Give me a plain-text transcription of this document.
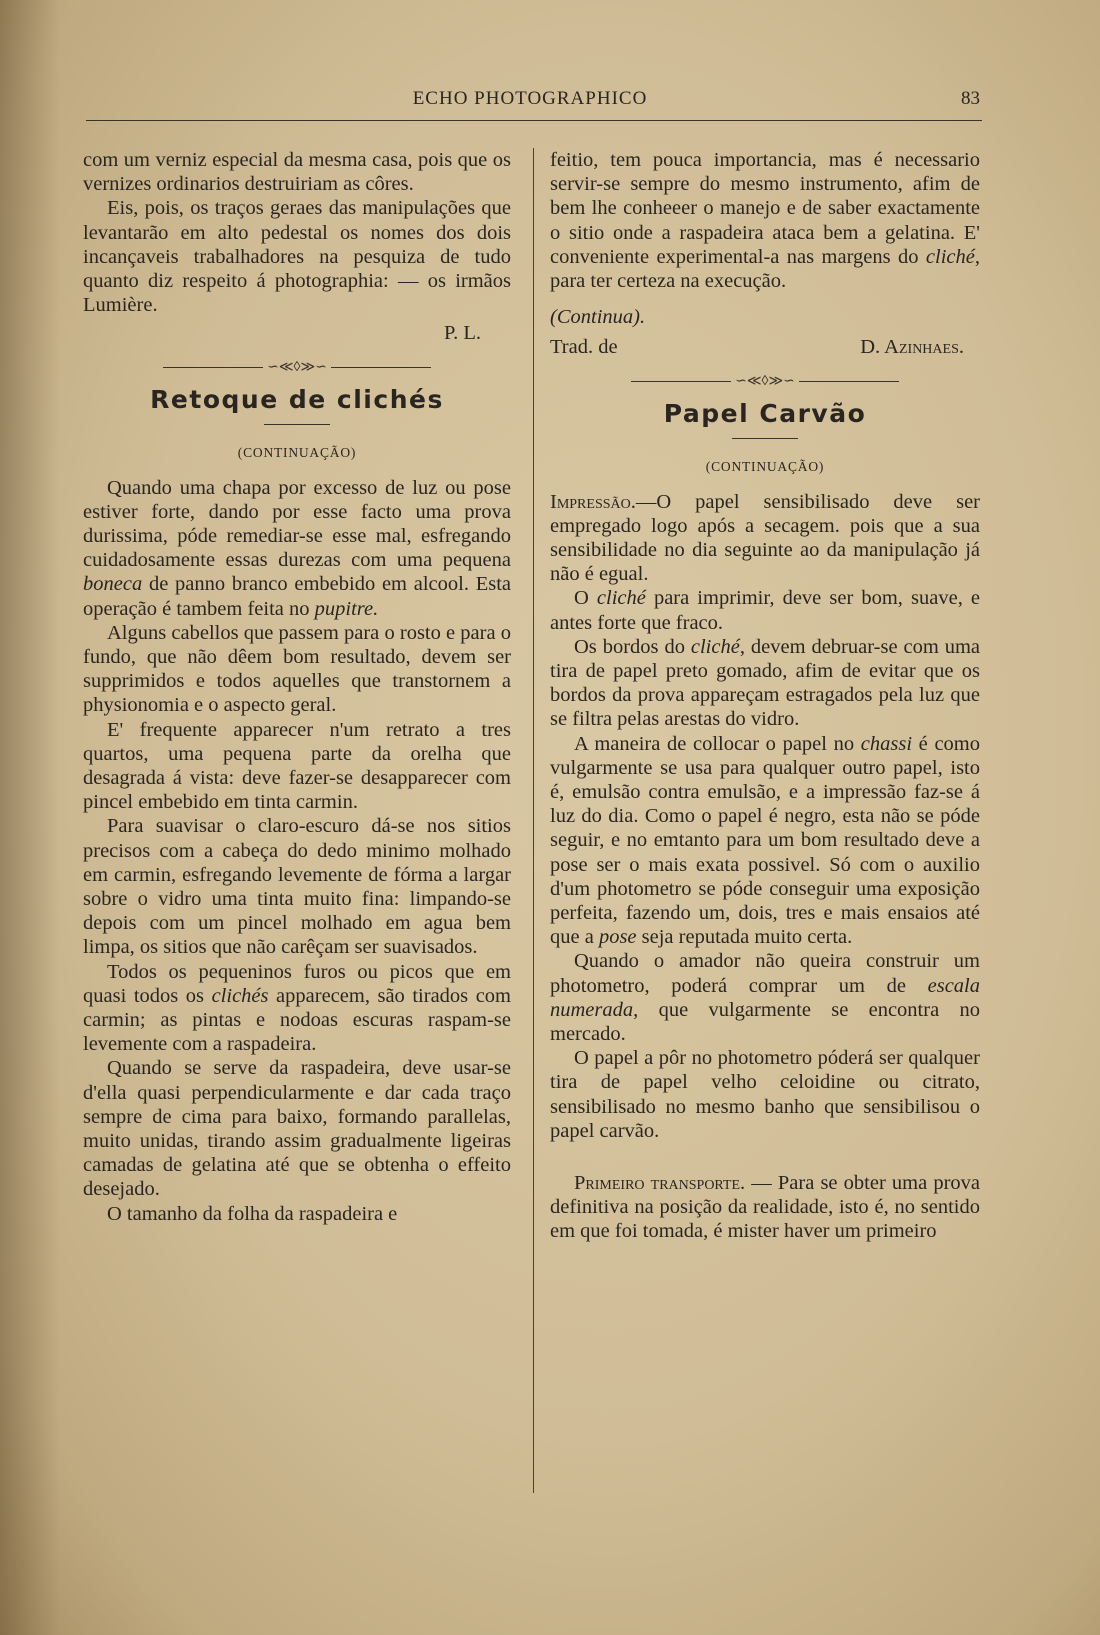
ECHO PHOTOGRAPHICO	83

com um verniz especial da mesma casa, pois que os vernizes ordinarios destruiriam as côres.

Eis, pois, os traços geraes das manipulações que levantarão em alto pedestal os nomes dos dois incançaveis trabalhadores na pesquiza de tudo quanto diz respeito á photographia: — os irmãos Lumière.

P. L.
∽≪◊≫∽
Retoque de clichés
(CONTINUAÇÃO)

Quando uma chapa por excesso de luz ou pose estiver forte, dando por esse facto uma prova durissima, póde remediar-se esse mal, esfregando cuidadosamente essas durezas com uma pequena boneca de panno branco embebido em alcool. Esta operação é tambem feita no pupitre.

Alguns cabellos que passem para o rosto e para o fundo, que não dêem bom resultado, devem ser supprimidos e todos aquelles que transtornem a physionomia e o aspecto geral.

E' frequente apparecer n'um retrato a tres quartos, uma pequena parte da orelha que desagrada á vista: deve fazer-se desapparecer com pincel embebido em tinta carmin.

Para suavisar o claro-escuro dá-se nos sitios precisos com a cabeça do dedo minimo molhado em carmin, esfregando levemente de fórma a largar sobre o vidro uma tinta muito fina: limpando-se depois com um pincel molhado em agua bem limpa, os sitios que não carêçam ser suavisados.

Todos os pequeninos furos ou picos que em quasi todos os clichés apparecem, são tirados com carmin; as pintas e nodoas escuras raspam-se levemente com a raspadeira.

Quando se serve da raspadeira, deve usar-se d'ella quasi perpendicularmente e dar cada traço sempre de cima para baixo, formando parallelas, muito unidas, tirando assim gradualmente ligeiras camadas de gelatina até que se obtenha o effeito desejado.

O tamanho da folha da raspadeira e

feitio, tem pouca importancia, mas é necessario servir-se sempre do mesmo instrumento, afim de bem lhe conheeer o manejo e de saber exactamente o sitio onde a raspadeira ataca bem a gelatina. E' conveniente experimental-a nas margens do cliché, para ter certeza na execução.

(Continua).
Trad. de	D. Azinhaes.
∽≪◊≫∽
Papel Carvão
(CONTINUAÇÃO)

Impressão.—O papel sensibilisado deve ser empregado logo após a secagem. pois que a sua sensibilidade no dia seguinte ao da manipulação já não é egual.

O cliché para imprimir, deve ser bom, suave, e antes forte que fraco.

Os bordos do cliché, devem debruar-se com uma tira de papel preto gomado, afim de evitar que os bordos da prova appareçam estragados pela luz que se filtra pelas arestas do vidro.

A maneira de collocar o papel no chassi é como vulgarmente se usa para qualquer outro papel, isto é, emulsão contra emulsão, e a impressão faz-se á luz do dia. Como o papel é negro, esta não se póde seguir, e no emtanto para um bom resultado deve a pose ser o mais exata possivel. Só com o auxilio d'um photometro se póde conseguir uma exposição perfeita, fazendo um, dois, tres e mais ensaios até que a pose seja reputada muito certa.

Quando o amador não queira construir um photometro, poderá comprar um de escala numerada, que vulgarmente se encontra no mercado.

O papel a pôr no photometro póderá ser qualquer tira de papel velho celoidine ou citrato, sensibilisado no mesmo banho que sensibilisou o papel carvão.

Primeiro transporte. — Para se obter uma prova definitiva na posição da realidade, isto é, no sentido em que foi tomada, é mister haver um primeiro
